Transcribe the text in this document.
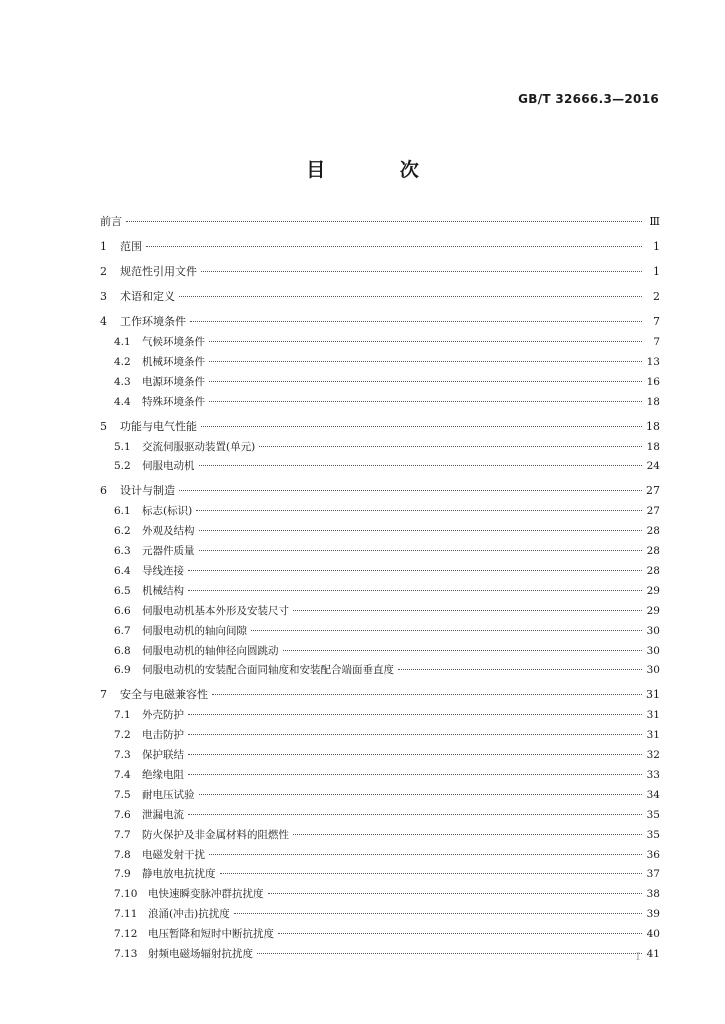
GB/T 32666.3—2016
目 次
前言	Ⅲ
1	范围	1
2	规范性引用文件	1
3	术语和定义	2
4	工作环境条件	7
4.1	气候环境条件	7
4.2	机械环境条件	13
4.3	电源环境条件	16
4.4	特殊环境条件	18
5	功能与电气性能	18
5.1	交流伺服驱动装置(单元)	18
5.2	伺服电动机	24
6	设计与制造	27
6.1	标志(标识)	27
6.2	外观及结构	28
6.3	元器件质量	28
6.4	导线连接	28
6.5	机械结构	29
6.6	伺服电动机基本外形及安装尺寸	29
6.7	伺服电动机的轴向间隙	30
6.8	伺服电动机的轴伸径向圆跳动	30
6.9	伺服电动机的安装配合面同轴度和安装配合端面垂直度	30
7	安全与电磁兼容性	31
7.1	外壳防护	31
7.2	电击防护	31
7.3	保护联结	32
7.4	绝缘电阻	33
7.5	耐电压试验	34
7.6	泄漏电流	35
7.7	防火保护及非金属材料的阻燃性	35
7.8	电磁发射干扰	36
7.9	静电放电抗扰度	37
7.10	电快速瞬变脉冲群抗扰度	38
7.11	浪涌(冲击)抗扰度	39
7.12	电压暂降和短时中断抗扰度	40
7.13	射频电磁场辐射抗扰度	41
I
